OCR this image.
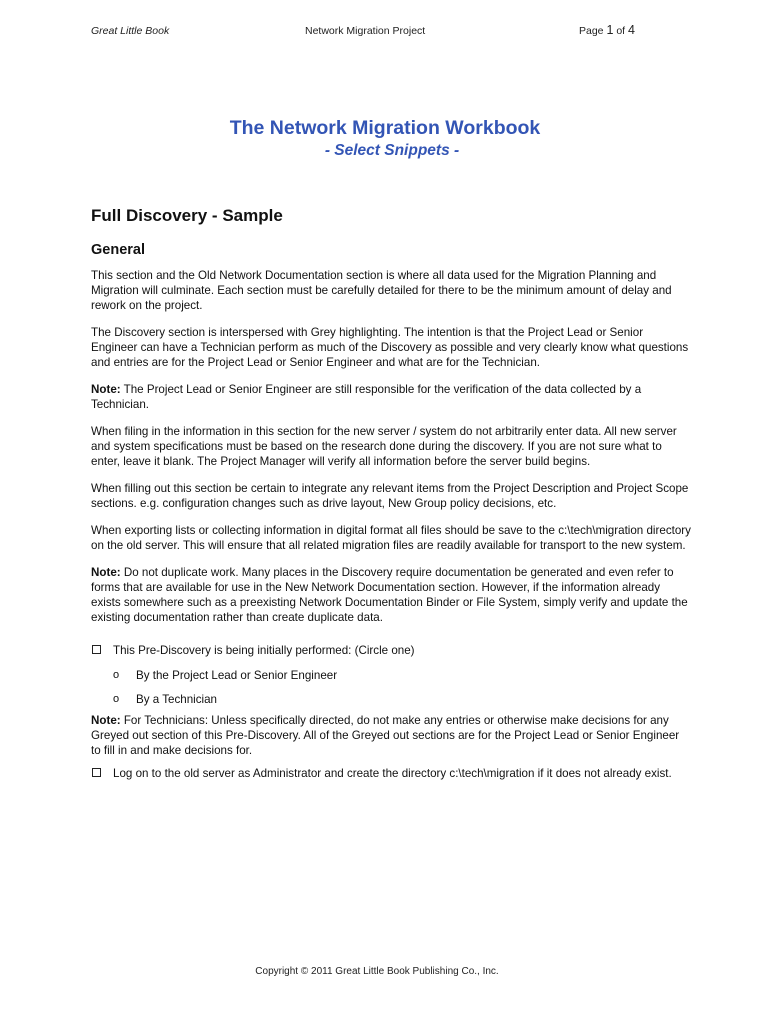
Great Little Book	Network Migration Project	Page 1 of 4
The Network Migration Workbook
- Select Snippets -
Full Discovery - Sample
General

This section and the Old Network Documentation section is where all data used for the Migration Planning and Migration will culminate. Each section must be carefully detailed for there to be the minimum amount of delay and rework on the project.

The Discovery section is interspersed with Grey highlighting. The intention is that the Project Lead or Senior Engineer can have a Technician perform as much of the Discovery as possible and very clearly know what questions and entries are for the Project Lead or Senior Engineer and what are for the Technician.

Note: The Project Lead or Senior Engineer are still responsible for the verification of the data collected by a Technician.

When filing in the information in this section for the new server / system do not arbitrarily enter data. All new server and system specifications must be based on the research done during the discovery. If you are not sure what to enter, leave it blank. The Project Manager will verify all information before the server build begins.

When filling out this section be certain to integrate any relevant items from the Project Description and Project Scope sections. e.g. configuration changes such as drive layout, New Group policy decisions, etc.

When exporting lists or collecting information in digital format all files should be save to the c:\tech\migration directory on the old server. This will ensure that all related migration files are readily available for transport to the new system.

Note: Do not duplicate work. Many places in the Discovery require documentation be generated and even refer to forms that are available for use in the New Network Documentation section. However, if the information already exists somewhere such as a preexisting Network Documentation Binder or File System, simply verify and update the existing documentation rather than create duplicate data.

This Pre-Discovery is being initially performed: (Circle one)
o By the Project Lead or Senior Engineer
o By a Technician

Note: For Technicians: Unless specifically directed, do not make any entries or otherwise make decisions for any Greyed out section of this Pre-Discovery. All of the Greyed out sections are for the Project Lead or Senior Engineer to fill in and make decisions for.

Log on to the old server as Administrator and create the directory c:\tech\migration if it does not already exist.
Copyright © 2011 Great Little Book Publishing Co., Inc.
